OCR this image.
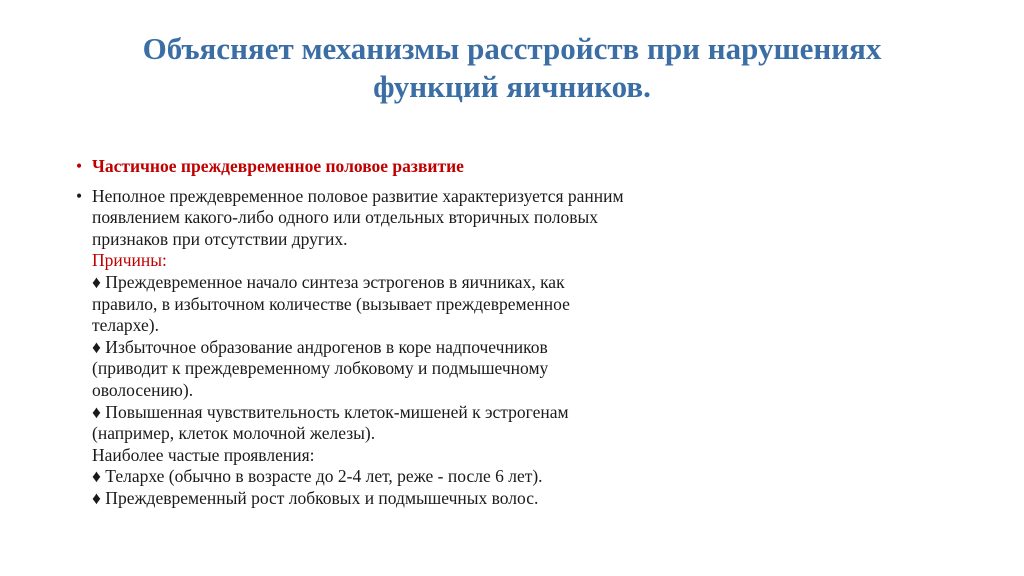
Объясняет механизмы расстройств при нарушениях
функций яичников.
• Частичное преждевременное половое развитие
• Неполное преждевременное половое развитие характеризуется ранним
появлением какого-либо одного или отдельных вторичных половых
признаков при отсутствии других.
Причины:
♦ Преждевременное начало синтеза эстрогенов в яичниках, как
правило, в избыточном количестве (вызывает преждевременное
телархе).
♦ Избыточное образование андрогенов в коре надпочечников
(приводит к преждевременному лобковому и подмышечному
оволосению).
♦ Повышенная чувствительность клеток-мишеней к эстрогенам
(например, клеток молочной железы).
Наиболее частые проявления:
♦ Телархе (обычно в возрасте до 2-4 лет, реже - после 6 лет).
♦ Преждевременный рост лобковых и подмышечных волос.
